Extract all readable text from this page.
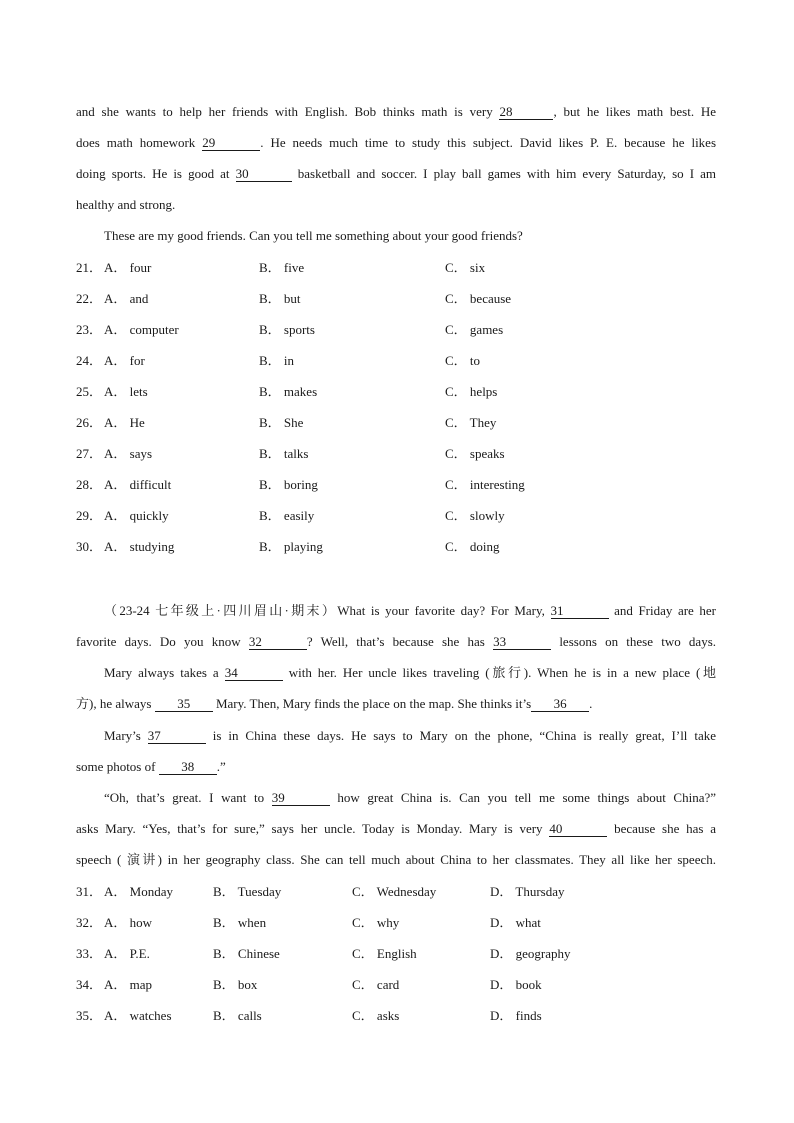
and she wants to help her friends with English. Bob thinks math is very 28	, but he likes math best. He
does math homework 29	. He needs much time to study this subject. David likes P. E. because he likes
doing sports. He is good at 30	basketball and soccer. I play ball games with him every Saturday, so I am
healthy and strong.
These are my good friends. Can you tell me something about your good friends?
21． A． four	B． five	C． six
22． A． and	B． but	C． because
23． A． computer	B． sports	C． games
24． A． for	B． in	C． to
25． A． lets	B． makes	C． helps
26． A． He	B． She	C． They
27． A． says	B． talks	C． speaks
28． A． difficult	B． boring	C． interesting
29． A． quickly	B． easily	C． slowly
30． A． studying	B． playing	C． doing
（23-24 七年级上·四川眉山·期末）What is your favorite day? For Mary, 31	and Friday are her
favorite days. Do you know 32	? Well, that’s because she has 33	lessons on these two days.
Mary always takes a 34	with her. Her uncle likes traveling (旅行). When he is in a new place (地
方), he always 35 Mary. Then, Mary finds the place on the map. She thinks it’s 36 .
Mary’s 37	is in China these days. He says to Mary on the phone, “China is really great, I’ll take
some photos of 38 .”
“Oh, that’s great. I want to 39	how great China is. Can you tell me some things about China?”
asks Mary. “Yes, that’s for sure,” says her uncle. Today is Monday. Mary is very 40	because she has a
speech ( 演讲) in her geography class. She can tell much about China to her classmates. They all like her speech.
31． A． Monday	B． Tuesday	C． Wednesday	D． Thursday
32． A． how	B． when	C． why	D． what
33． A． P.E.	B． Chinese	C． English	D． geography
34． A． map	B． box	C． card	D． book
35． A． watches	B． calls	C． asks	D． finds
